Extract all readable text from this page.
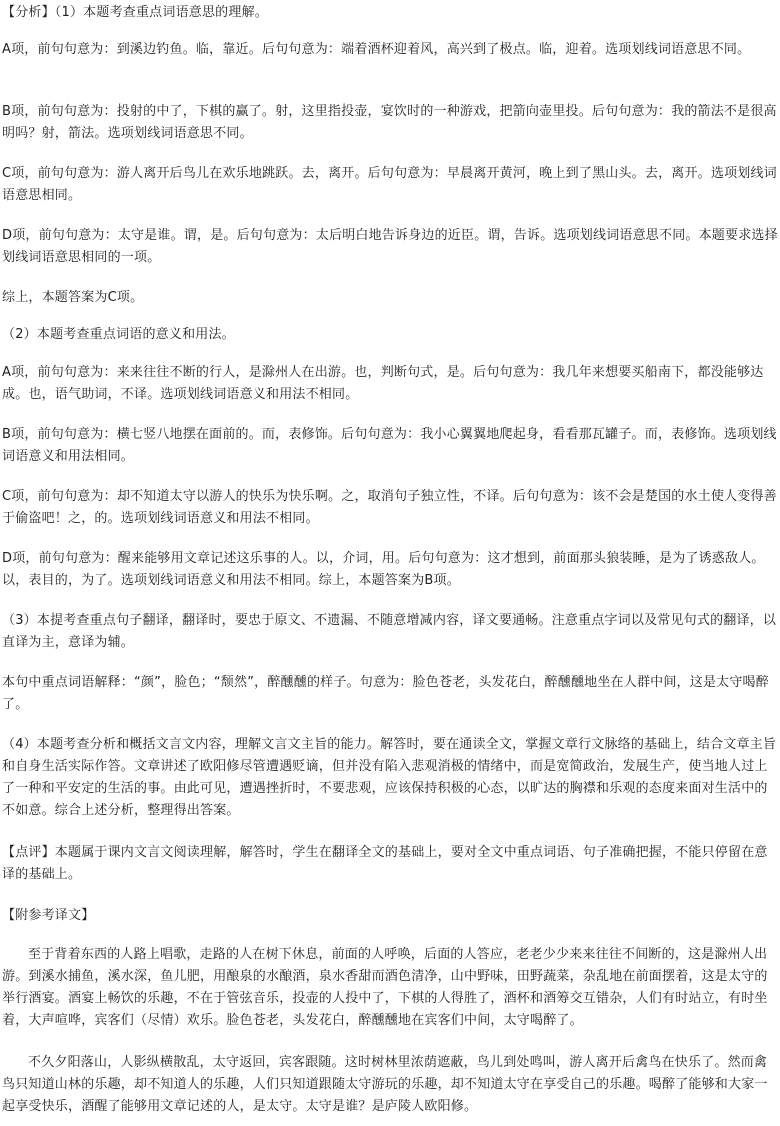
【分析】（1）本题考查重点词语意思的理解。

A项，前句句意为：到溪边钓鱼。临，靠近。后句句意为：端着酒杯迎着风，高兴到了极点。临，迎着。选项划线词语意思不同。

B项，前句句意为：投射的中了，下棋的赢了。射，这里指投壶，宴饮时的一种游戏，把箭向壶里投。后句句意为：我的箭法不是很高明吗？射，箭法。选项划线词语意思不同。

C项，前句句意为：游人离开后鸟儿在欢乐地跳跃。去，离开。后句句意为：早晨离开黄河，晚上到了黑山头。去，离开。选项划线词语意思相同。

D项，前句句意为：太守是谁。谓，是。后句句意为：太后明白地告诉身边的近臣。谓，告诉。选项划线词语意思不同。本题要求选择划线词语意思相同的一项。

综上，本题答案为C项。

（2）本题考查重点词语的意义和用法。

A项，前句句意为：来来往往不断的行人，是滁州人在出游。也，判断句式，是。后句句意为：我几年来想要买船南下，都没能够达成。也，语气助词，不译。选项划线词语意义和用法不相同。

B项，前句句意为：横七竖八地摆在面前的。而，表修饰。后句句意为：我小心翼翼地爬起身，看看那瓦罐子。而，表修饰。选项划线词语意义和用法相同。

C项，前句句意为：却不知道太守以游人的快乐为快乐啊。之，取消句子独立性，不译。后句句意为：该不会是楚国的水土使人变得善于偷盗吧！之，的。选项划线词语意义和用法不相同。

D项，前句句意为：醒来能够用文章记述这乐事的人。以，介词，用。后句句意为：这才想到，前面那头狼装睡，是为了诱惑敌人。以，表目的，为了。选项划线词语意义和用法不相同。综上，本题答案为B项。

（3）本提考查重点句子翻译，翻译时，要忠于原文、不遗漏、不随意增减内容，译文要通畅。注意重点字词以及常见句式的翻译，以直译为主，意译为辅。

本句中重点词语解释：“颜”，脸色；“颓然”，醉醺醺的样子。句意为：脸色苍老，头发花白，醉醺醺地坐在人群中间，这是太守喝醉了。

（4）本题考查分析和概括文言文内容，理解文言文主旨的能力。解答时，要在通读全文，掌握文章行文脉络的基础上，结合文章主旨和自身生活实际作答。文章讲述了欧阳修尽管遭遇贬谪，但并没有陷入悲观消极的情绪中，而是宽简政治，发展生产，使当地人过上了一种和平安定的生活的事。由此可见，遭遇挫折时，不要悲观，应该保持积极的心态，以旷达的胸襟和乐观的态度来面对生活中的不如意。综合上述分析，整理得出答案。

【点评】本题属于课内文言文阅读理解，解答时，学生在翻译全文的基础上，要对全文中重点词语、句子准确把握，不能只停留在意译的基础上。

【附参考译文】

至于背着东西的人路上唱歌，走路的人在树下休息，前面的人呼唤，后面的人答应，老老少少来来往往不间断的，这是滁州人出游。到溪水捕鱼，溪水深，鱼儿肥，用酿泉的水酿酒，泉水香甜而酒色清净，山中野味，田野蔬菜，杂乱地在前面摆着，这是太守的举行酒宴。酒宴上畅饮的乐趣，不在于管弦音乐，投壶的人投中了，下棋的人得胜了，酒杯和酒筹交互错杂，人们有时站立，有时坐着，大声喧哗，宾客们（尽情）欢乐。脸色苍老，头发花白，醉醺醺地在宾客们中间，太守喝醉了。

不久夕阳落山，人影纵横散乱，太守返回，宾客跟随。这时树林里浓荫遮蔽，鸟儿到处鸣叫，游人离开后禽鸟在快乐了。然而禽鸟只知道山林的乐趣，却不知道人的乐趣，人们只知道跟随太守游玩的乐趣，却不知道太守在享受自己的乐趣。喝醉了能够和大家一起享受快乐，酒醒了能够用文章记述的人，是太守。太守是谁？是庐陵人欧阳修。
